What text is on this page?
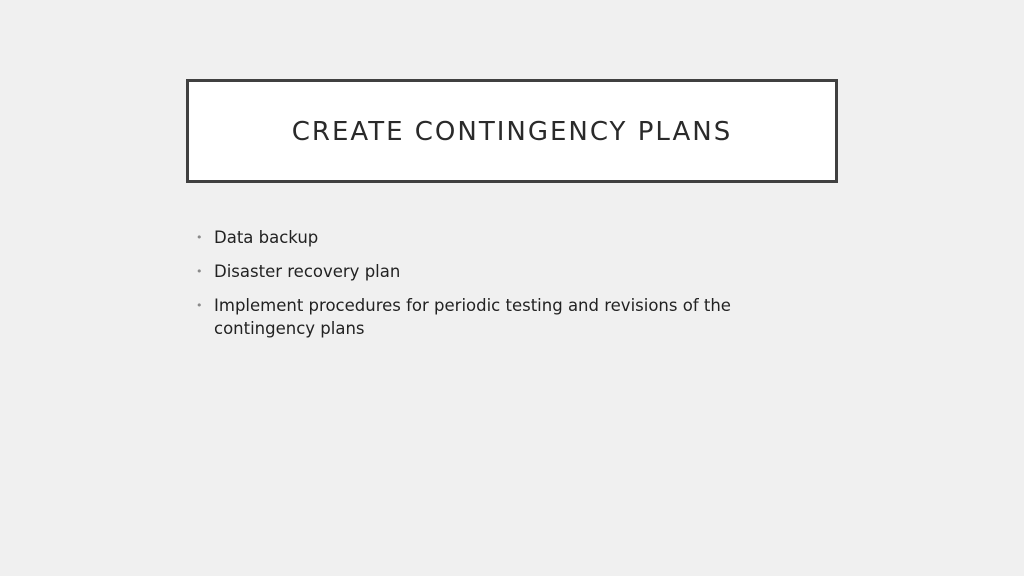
CREATE CONTINGENCY PLANS
• Data backup
• Disaster recovery plan
• Implement procedures for periodic testing and revisions of the contingency plans
